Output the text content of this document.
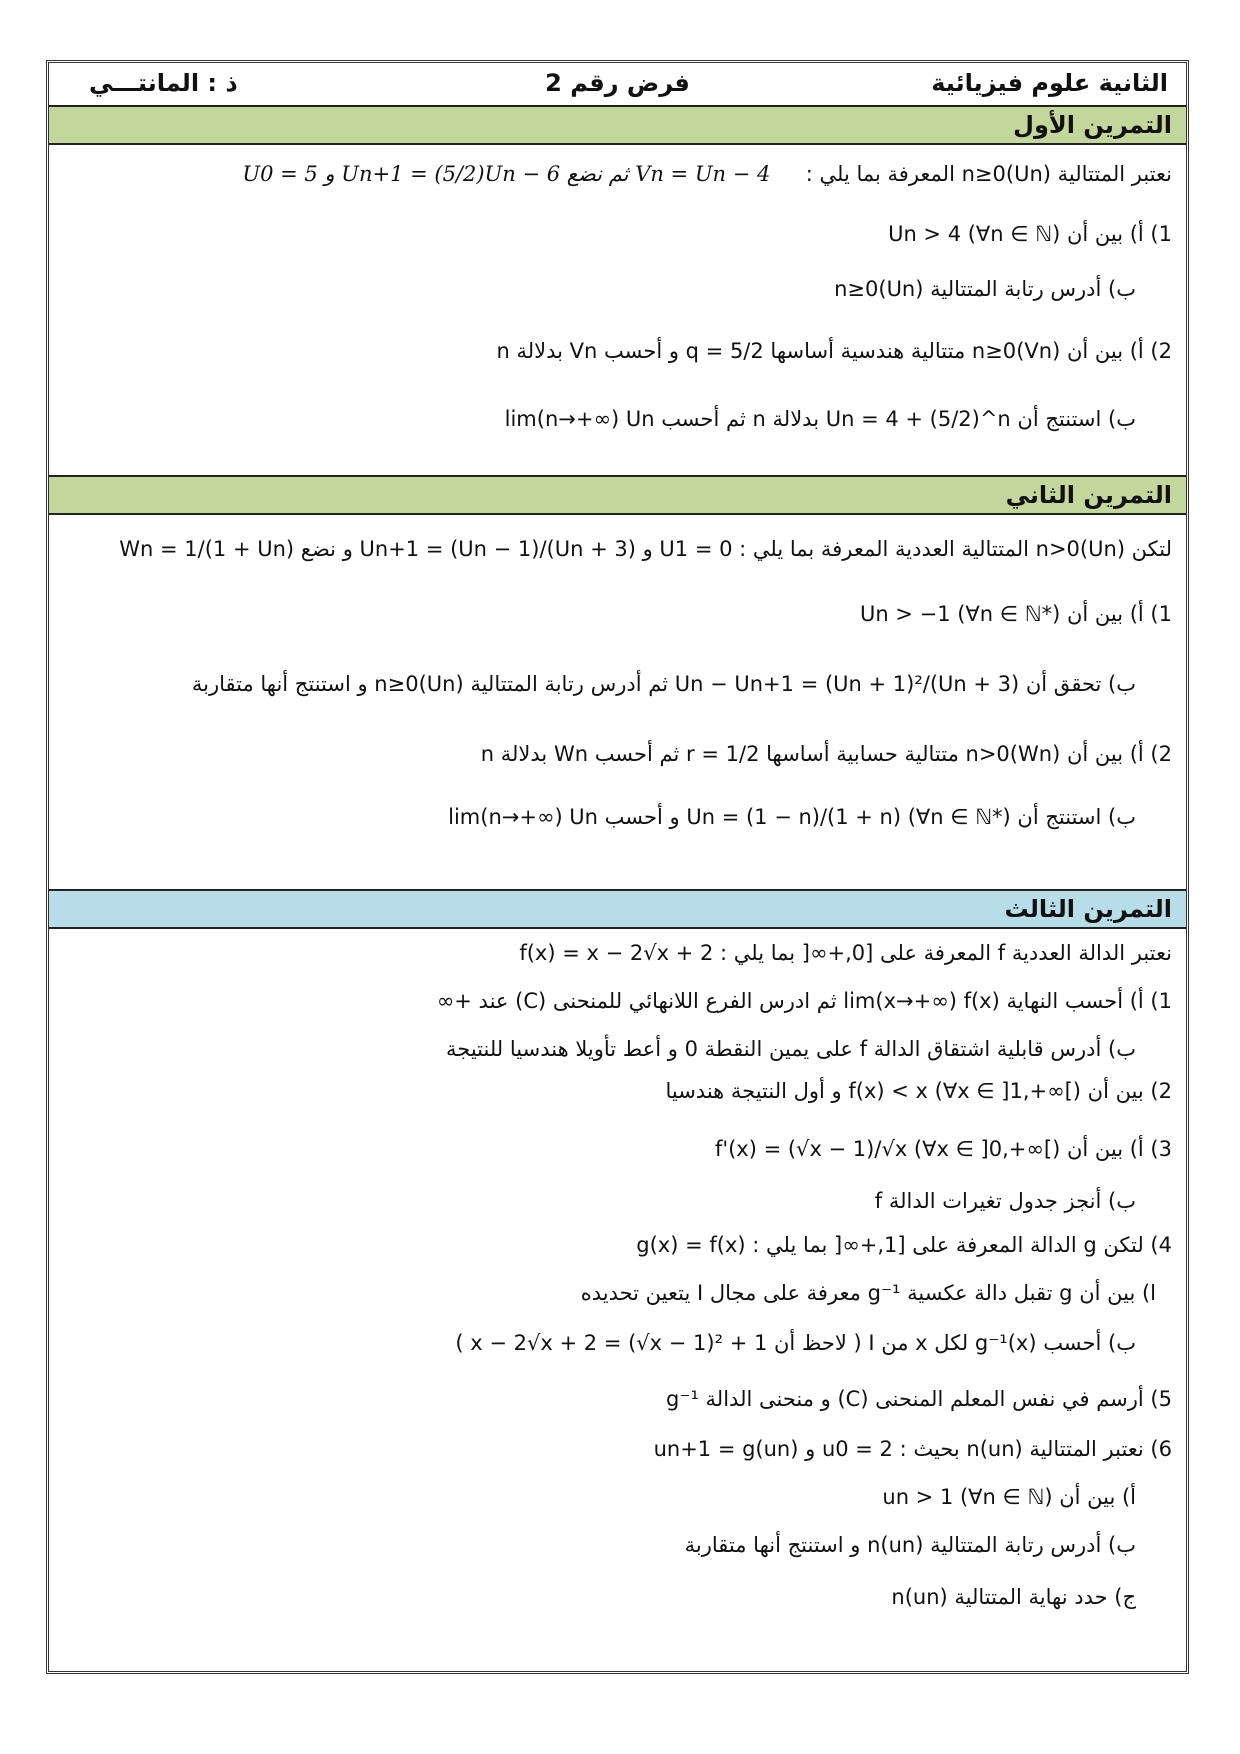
الثانية علوم فيزيائية
فرض رقم 2
ذ : المانتـــي
التمرين الأول
نعتبر المتتالية (Un)n≥0 المعرفة بما يلي :  U0 = 5 و Un+1 = (5/2)Un − 6 ثم نضع Vn = Un − 4
1) أ) بين أن Un > 4 (∀n ∈ ℕ)
ب) أدرس رتابة المتتالية (Un)n≥0
2) أ) بين أن (Vn)n≥0 متتالية هندسية أساسها q = 5/2 و أحسب Vn بدلالة n
ب) استنتج أن Un = 4 + (5/2)^n بدلالة n ثم أحسب lim(n→+∞) Un
التمرين الثاني
لتكن (Un)n>0 المتتالية العددية المعرفة بما يلي : U1 = 0 و Un+1 = (Un − 1)/(Un + 3) و نضع Wn = 1/(1 + Un)
1) أ) بين أن Un > −1 (∀n ∈ ℕ*)
ب) تحقق أن Un − Un+1 = (Un + 1)²/(Un + 3) ثم أدرس رتابة المتتالية (Un)n≥0 و استنتج أنها متقاربة
2) أ) بين أن (Wn)n>0 متتالية حسابية أساسها r = 1/2 ثم أحسب Wn بدلالة n
ب) استنتج أن Un = (1 − n)/(1 + n) (∀n ∈ ℕ*) و أحسب lim(n→+∞) Un
التمرين الثالث
نعتبر الدالة العددية f المعرفة على [0,+∞[ بما يلي : f(x) = x − 2√x + 2
1) أ) أحسب النهاية lim(x→+∞) f(x) ثم ادرس الفرع اللانهائي للمنحنى (C) عند +∞
ب) أدرس قابلية اشتقاق الدالة f على يمين النقطة 0 و أعط تأويلا هندسيا للنتيجة
2) بين أن f(x) < x (∀x ∈ ]1,+∞[) و أول النتيجة هندسيا
3) أ) بين أن f'(x) = (√x − 1)/√x (∀x ∈ ]0,+∞[)
ب) أنجز جدول تغيرات الدالة f
4) لتكن g الدالة المعرفة على [1,+∞[ بما يلي : g(x) = f(x)
ا) بين أن g تقبل دالة عكسية g⁻¹ معرفة على مجال I يتعين تحديده
ب) أحسب g⁻¹(x) لكل x من I ( لاحظ أن x − 2√x + 2 = (√x − 1)² + 1 )
5) أرسم في نفس المعلم المنحنى (C) و منحنى الدالة g⁻¹
6) نعتبر المتتالية (un)n بحيث : u0 = 2 و un+1 = g(un)
أ) بين أن un > 1 (∀n ∈ ℕ)
ب) أدرس رتابة المتتالية (un)n و استنتج أنها متقاربة
ج) حدد نهاية المتتالية (un)n
